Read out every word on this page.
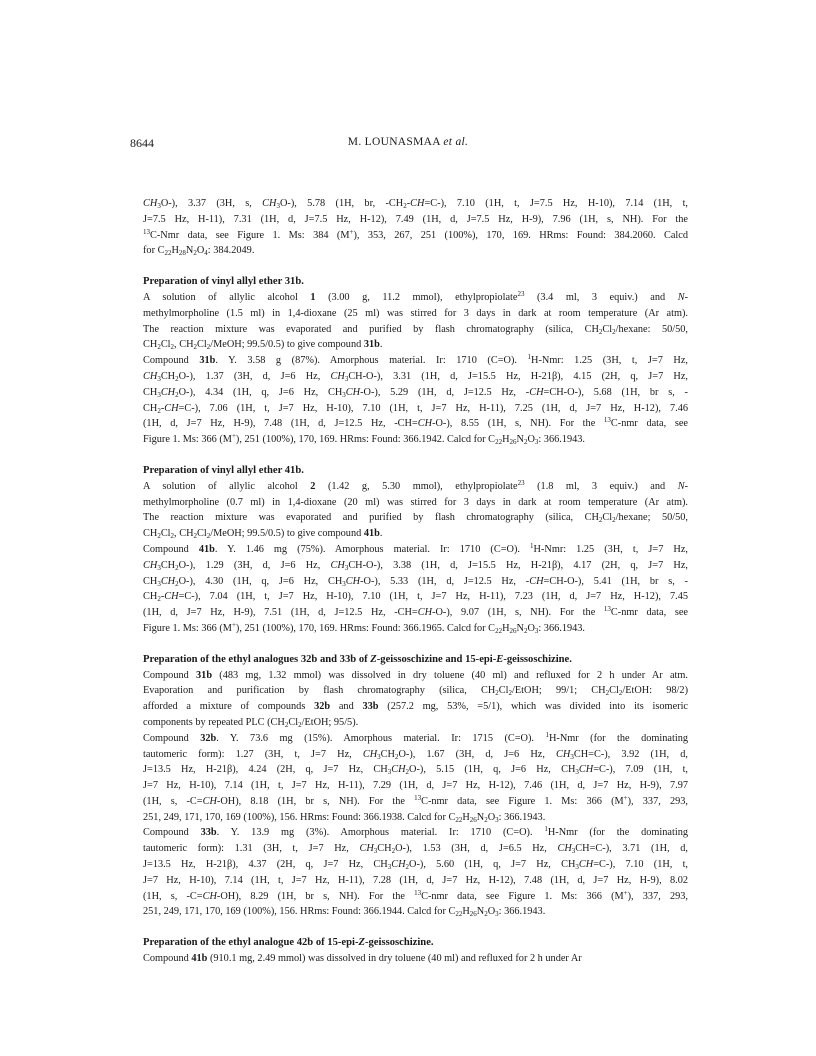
8644	M. LOUNASMAA et al.
$CH_3O-$), 3.37 (3H, s, $CH_3O-$), 5.78 (1H, br, $-CH_2-CH=C-$), 7.10 (1H, t, J=7.5 Hz, H-10), 7.14 (1H, t,
J=7.5 Hz, H-11), 7.31 (1H, d, J=7.5 Hz, H-12), 7.49 (1H, d, J=7.5 Hz, H-9), 7.96 (1H, s, NH). For the
$^{13}$C-Nmr data, see Figure 1. Ms: 384 (M+), 353, 267, 251 (100%), 170, 169. HRms: Found: 384.2060. Calcd
for $C_{22}H_{28}N_2O_4$: 384.2049.
Preparation of vinyl allyl ether 31b.
A solution of allylic alcohol 1 (3.00 g, 11.2 mmol), ethylpropiolate$^{23}$ (3.4 ml, 3 equiv.) and N-
methylmorpholine (1.5 ml) in 1,4-dioxane (25 ml) was stirred for 3 days in dark at room temperature (Ar atm).
The reaction mixture was evaporated and purified by flash chromatography (silica, $CH_2Cl_2$/hexane: 50/50,
$CH_2Cl_2$, $CH_2Cl_2$/MeOH; 99.5/0.5) to give compound 31b.
Compound 31b. Y. 3.58 g (87%). Amorphous material. Ir: 1710 (C=O). $^1$H-Nmr: 1.25 (3H, t, J=7 Hz,
$CH_3CH_2O-$), 1.37 (3H, d, J=6 Hz, $CH_3CH-O-$), 3.31 (1H, d, J=15.5 Hz, H-21β), 4.15 (2H, q, J=7 Hz,
$CH_3CH_2O-$), 4.34 (1H, q, J=6 Hz, $CH_3CH-O-$), 5.29 (1H, d, J=12.5 Hz, -CH=CH-O-), 5.68 (1H, br s, -
$CH_2-CH=C-$), 7.06 (1H, t, J=7 Hz, H-10), 7.10 (1H, t, J=7 Hz, H-11), 7.25 (1H, d, J=7 Hz, H-12), 7.46
(1H, d, J=7 Hz, H-9), 7.48 (1H, d, J=12.5 Hz, -CH=CH-O-), 8.55 (1H, s, NH). For the $^{13}$C-nmr data, see
Figure 1. Ms: 366 (M+), 251 (100%), 170, 169. HRms: Found: 366.1942. Calcd for $C_{22}H_{26}N_2O_3$: 366.1943.
Preparation of vinyl allyl ether 41b.
A solution of allylic alcohol 2 (1.42 g, 5.30 mmol), ethylpropiolate$^{23}$ (1.8 ml, 3 equiv.) and N-
methylmorpholine (0.7 ml) in 1,4-dioxane (20 ml) was stirred for 3 days in dark at room temperature (Ar atm).
The reaction mixture was evaporated and purified by flash chromatography (silica, $CH_2Cl_2$/hexane; 50/50,
$CH_2Cl_2$, $CH_2Cl_2$/MeOH; 99.5/0.5) to give compound 41b.
Compound 41b. Y. 1.46 mg (75%). Amorphous material. Ir: 1710 (C=O). $^1$H-Nmr: 1.25 (3H, t, J=7 Hz,
$CH_3CH_2O-$), 1.29 (3H, d, J=6 Hz, $CH_3CH-O-$), 3.38 (1H, d, J=15.5 Hz, H-21β), 4.17 (2H, q, J=7 Hz,
$CH_3CH_2O-$), 4.30 (1H, q, J=6 Hz, $CH_3CH-O-$), 5.33 (1H, d, J=12.5 Hz, -CH=CH-O-), 5.41 (1H, br s, -
$CH_2-CH=C-$), 7.04 (1H, t, J=7 Hz, H-10), 7.10 (1H, t, J=7 Hz, H-11), 7.23 (1H, d, J=7 Hz, H-12), 7.45
(1H, d, J=7 Hz, H-9), 7.51 (1H, d, J=12.5 Hz, -CH=CH-O-), 9.07 (1H, s, NH). For the $^{13}$C-nmr data, see
Figure 1. Ms: 366 (M+), 251 (100%), 170, 169. HRms: Found: 366.1965. Calcd for $C_{22}H_{26}N_2O_3$: 366.1943.
Preparation of the ethyl analogues 32b and 33b of Z-geissoschizine and 15-epi-E-geissoschizine.
Compound 31b (483 mg, 1.32 mmol) was dissolved in dry toluene (40 ml) and refluxed for 2 h under Ar atm.
Evaporation and purification by flash chromatography (silica, $CH_2Cl_2$/EtOH; 99/1; $CH_2Cl_2$/EtOH: 98/2)
afforded a mixture of compounds 32b and 33b (257.2 mg, 53%, =5/1), which was divided into its isomeric
components by repeated PLC ($CH_2Cl_2$/EtOH; 95/5).
Compound 32b. Y. 73.6 mg (15%). Amorphous material. Ir: 1715 (C=O). $^1$H-Nmr (for the dominating
tautomeric form): 1.27 (3H, t, J=7 Hz, $CH_3CH_2O-$), 1.67 (3H, d, J=6 Hz, $CH_3CH=C-$), 3.92 (1H, d,
J=13.5 Hz, H-21β), 4.24 (2H, q, J=7 Hz, $CH_3CH_2O-$), 5.15 (1H, q, J=6 Hz, $CH_3CH=C-$), 7.09 (1H, t,
J=7 Hz, H-10), 7.14 (1H, t, J=7 Hz, H-11), 7.29 (1H, d, J=7 Hz, H-12), 7.46 (1H, d, J=7 Hz, H-9), 7.97
(1H, s, -C=CH-OH), 8.18 (1H, br s, NH). For the $^{13}$C-nmr data, see Figure 1. Ms: 366 (M+), 337, 293,
251, 249, 171, 170, 169 (100%), 156. HRms: Found: 366.1938. Calcd for $C_{22}H_{26}N_2O_3$: 366.1943.
Compound 33b. Y. 13.9 mg (3%). Amorphous material. Ir: 1710 (C=O). $^1$H-Nmr (for the dominating
tautomeric form): 1.31 (3H, t, J=7 Hz, $CH_3CH_2O-$), 1.53 (3H, d, J=6.5 Hz, $CH_3CH=C-$), 3.71 (1H, d,
J=13.5 Hz, H-21β), 4.37 (2H, q, J=7 Hz, $CH_3CH_2O-$), 5.60 (1H, q, J=7 Hz, $CH_3CH=C-$), 7.10 (1H, t,
J=7 Hz, H-10), 7.14 (1H, t, J=7 Hz, H-11), 7.28 (1H, d, J=7 Hz, H-12), 7.48 (1H, d, J=7 Hz, H-9), 8.02
(1H, s, -C=CH-OH), 8.29 (1H, br s, NH). For the $^{13}$C-nmr data, see Figure 1. Ms: 366 (M+), 337, 293,
251, 249, 171, 170, 169 (100%), 156. HRms: Found: 366.1944. Calcd for $C_{22}H_{26}N_2O_3$: 366.1943.
Preparation of the ethyl analogue 42b of 15-epi-Z-geissoschizine.
Compound 41b (910.1 mg, 2.49 mmol) was dissolved in dry toluene (40 ml) and refluxed for 2 h under Ar
